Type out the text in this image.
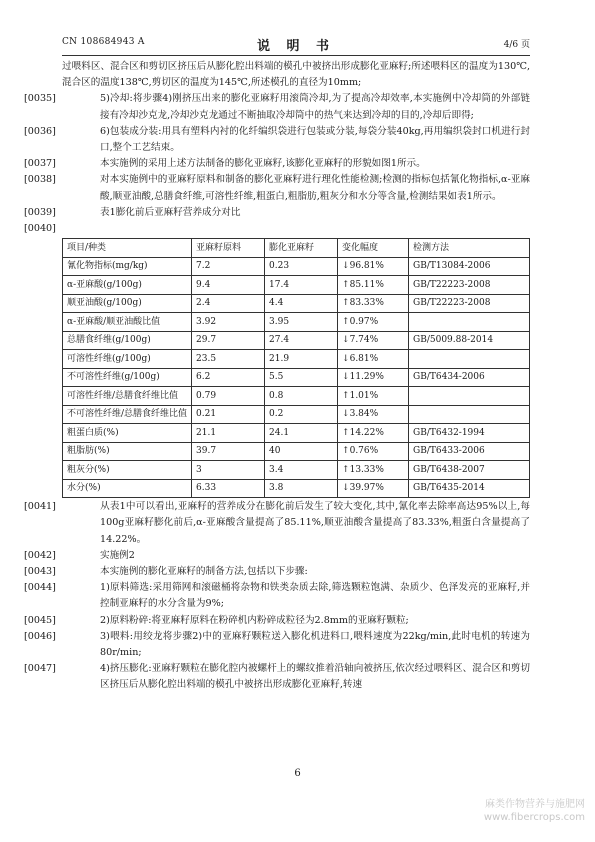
CN 108684943 A	说 明 书	4/6 页

过喂料区、混合区和剪切区挤压后从膨化腔出料端的模孔中被挤出形成膨化亚麻籽;所述喂料区的温度为130℃,混合区的温度138℃,剪切区的温度为145℃,所述模孔的直径为10mm;

[0035]	5)冷却:将步骤4)刚挤压出来的膨化亚麻籽用滚筒冷却,为了提高冷却效率,本实施例中冷却筒的外部链接有冷却沙克龙,冷却沙克龙通过不断抽取冷却筒中的热气来达到冷却的目的,冷却后即得;

[0036]	6)包装成分装:用具有塑料内衬的化纤编织袋进行包装或分装,每袋分装40kg,再用编织袋封口机进行封口,整个工艺结束。

[0037]	本实施例的采用上述方法制备的膨化亚麻籽,该膨化亚麻籽的形貌如图1所示。

[0038]	对本实施例中的亚麻籽原料和制备的膨化亚麻籽进行理化性能检测;检测的指标包括氰化物指标,α-亚麻酸,顺亚油酸,总膳食纤维,可溶性纤维,粗蛋白,粗脂肪,粗灰分和水分等含量,检测结果如表1所示。

[0039]	表1膨化前后亚麻籽营养成分对比

[0040]

项目/种类	亚麻籽原料	膨化亚麻籽	变化幅度	检测方法
氰化物指标(mg/kg)	7.2	0.23	↓96.81%	GB/T13084-2006
α-亚麻酸(g/100g)	9.4	17.4	↑85.11%	GB/T22223-2008
顺亚油酸(g/100g)	2.4	4.4	↑83.33%	GB/T22223-2008
α-亚麻酸/顺亚油酸比值	3.92	3.95	↑0.97%	
总膳食纤维(g/100g)	29.7	27.4	↓7.74%	GB/5009.88-2014
可溶性纤维(g/100g)	23.5	21.9	↓6.81%	
不可溶性纤维(g/100g)	6.2	5.5	↓11.29%	GB/T6434-2006
可溶性纤维/总膳食纤维比值	0.79	0.8	↑1.01%	
不可溶性纤维/总膳食纤维比值	0.21	0.2	↓3.84%	
粗蛋白质(%)	21.1	24.1	↑14.22%	GB/T6432-1994
粗脂肪(%)	39.7	40	↑0.76%	GB/T6433-2006
粗灰分(%)	3	3.4	↑13.33%	GB/T6438-2007
水分(%)	6.33	3.8	↓39.97%	GB/T6435-2014

[0041]	从表1中可以看出,亚麻籽的营养成分在膨化前后发生了较大变化,其中,氰化率去除率高达95%以上,每100g亚麻籽膨化前后,α-亚麻酸含量提高了85.11%,顺亚油酸含量提高了83.33%,粗蛋白含量提高了14.22%。

[0042]	实施例2

[0043]	本实施例的膨化亚麻籽的制备方法,包括以下步骤:

[0044]	1)原料筛选:采用筛网和滚磁桶将杂物和铁类杂质去除,筛选颗粒饱满、杂质少、色泽发亮的亚麻籽,并控制亚麻籽的水分含量为9%;

[0045]	2)原料粉碎:将亚麻籽原料在粉碎机内粉碎成粒径为2.8mm的亚麻籽颗粒;

[0046]	3)喂料:用绞龙将步骤2)中的亚麻籽颗粒送入膨化机进料口,喂料速度为22kg/min,此时电机的转速为80r/min;

[0047]	4)挤压膨化:亚麻籽颗粒在膨化腔内被螺杆上的螺纹推着沿轴向被挤压,依次经过喂料区、混合区和剪切区挤压后从膨化腔出料端的模孔中被挤出形成膨化亚麻籽,转速

6
麻类作物营养与施肥网
www.fibercrops.com
